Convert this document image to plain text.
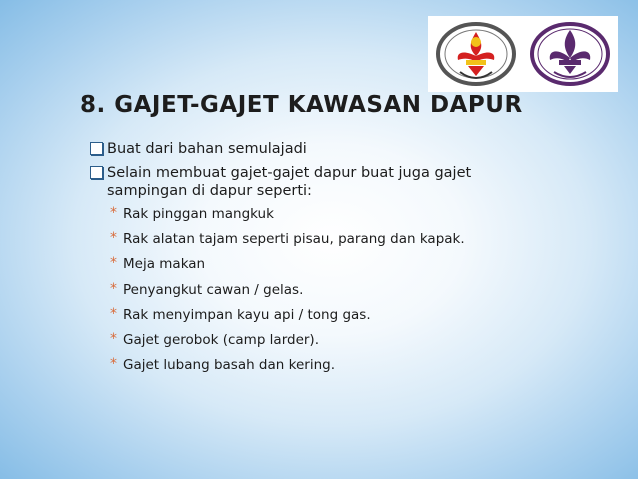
8. GAJET-GAJET KAWASAN DAPUR
Buat dari bahan semulajadi
Selain membuat gajet-gajet dapur buat juga gajet sampingan di dapur seperti:
* Rak pinggan mangkuk
* Rak alatan tajam seperti pisau, parang dan kapak.
* Meja makan
* Penyangkut cawan / gelas.
* Rak menyimpan kayu api / tong gas.
* Gajet gerobok (camp larder).
* Gajet lubang basah dan kering.
